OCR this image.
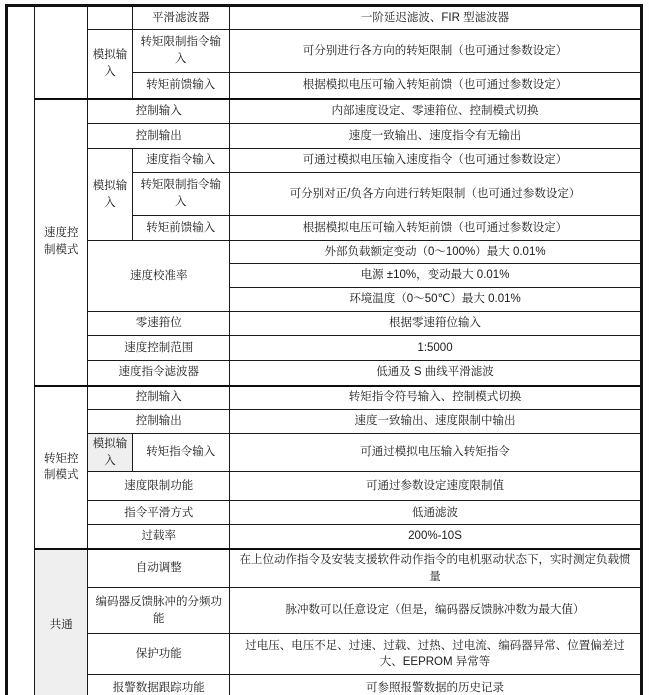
			平滑滤波器	一阶延迟滤波、FIR 型滤波器
		模拟输入	转矩限制指令输入	可分别进行各方向的转矩限制（也可通过参数设定）
			转矩前馈输入	根据模拟电压可输入转矩前馈（也可通过参数设定）
	速度控制模式	控制输入		内部速度设定、零速箝位、控制模式切换
		控制输出		速度一致输出、速度指令有无输出
		模拟输入	速度指令输入	可通过模拟电压输入速度指令（也可通过参数设定）
			转矩限制指令输入	可分别对正/负各方向进行转矩限制（也可通过参数设定）
			转矩前馈输入	根据模拟电压可输入转矩前馈（也可通过参数设定）
		速度校准率		外部负载额定变动（0～100%）最大 0.01%
				电源 ±10%，变动最大 0.01%
				环境温度（0～50℃）最大 0.01%
		零速箝位		根据零速箝位输入
		速度控制范围		1:5000
		速度指令滤波器		低通及 S 曲线平滑滤波
	转矩控制模式	控制输入		转矩指令符号输入、控制模式切换
		控制输出		速度一致输出、速度限制中输出
		模拟输入	转矩指令输入	可通过模拟电压输入转矩指令
		速度限制功能		可通过参数设定速度限制值
		指令平滑方式		低通滤波
		过载率		200%-10S
	共通	自动调整		在上位动作指令及安装支援软件动作指令的电机驱动状态下，实时测定负载惯量
		编码器反馈脉冲的分频功能		脉冲数可以任意设定（但是，编码器反馈脉冲数为最大值）
		保护功能		过电压、电压不足、过速、过载、过热、过电流、编码器异常、位置偏差过大、EEPROM 异常等
		报警数据跟踪功能		可参照报警数据的历史记录
